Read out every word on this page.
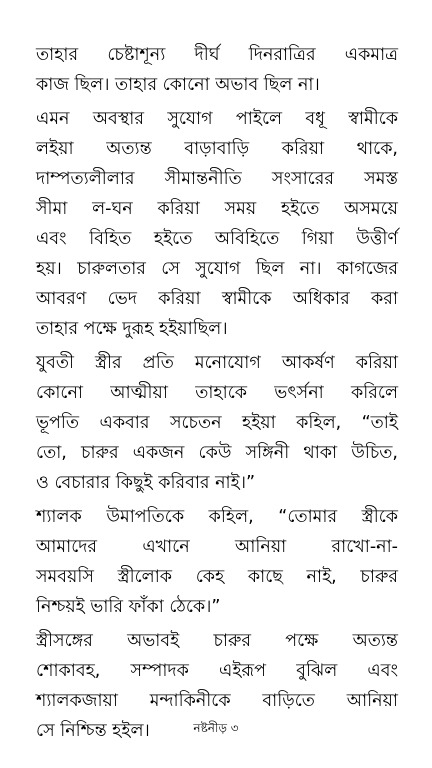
তাহার চেষ্টাশূন্য দীর্ঘ দিনরাত্রির একমাত্র
কাজ ছিল। তাহার কোনো অভাব ছিল না।
এমন অবস্থার সুযোগ পাইলে বধূ স্বামীকে
লইয়া অত্যন্ত বাড়াবাড়ি করিয়া থাকে,
দাম্পত্যলীলার সীমান্তনীতি সংসারের সমস্ত
সীমা ল-ঘন করিয়া সময় হইতে অসময়ে
এবং বিহিত হইতে অবিহিতে গিয়া উত্তীর্ণ
হয়। চারুলতার সে সুযোগ ছিল না। কাগজের
আবরণ ভেদ করিয়া স্বামীকে অধিকার করা
তাহার পক্ষে দুরূহ হইয়াছিল।
যুবতী স্ত্রীর প্রতি মনোযোগ আকর্ষণ করিয়া
কোনো আত্মীয়া তাহাকে ভৎর্সনা করিলে
ভূপতি একবার সচেতন হইয়া কহিল, “তাই
তো, চারুর একজন কেউ সঙ্গিনী থাকা উচিত,
ও বেচারার কিছুই করিবার নাই।”
শ্যালক উমাপতিকে কহিল, “তোমার স্ত্রীকে
আমাদের এখানে আনিয়া রাখো-না-
সমবয়সি স্ত্রীলোক কেহ কাছে নাই, চারুর
নিশ্চয়ই ভারি ফাঁকা ঠেকে।”
স্ত্রীসঙ্গের অভাবই চারুর পক্ষে অত্যন্ত
শোকাবহ, সম্পাদক এইরূপ বুঝিল এবং
শ্যালকজায়া মন্দাকিনীকে বাড়িতে আনিয়া
সে নিশ্চিন্ত হইল।	নষ্টনীড় ৩
